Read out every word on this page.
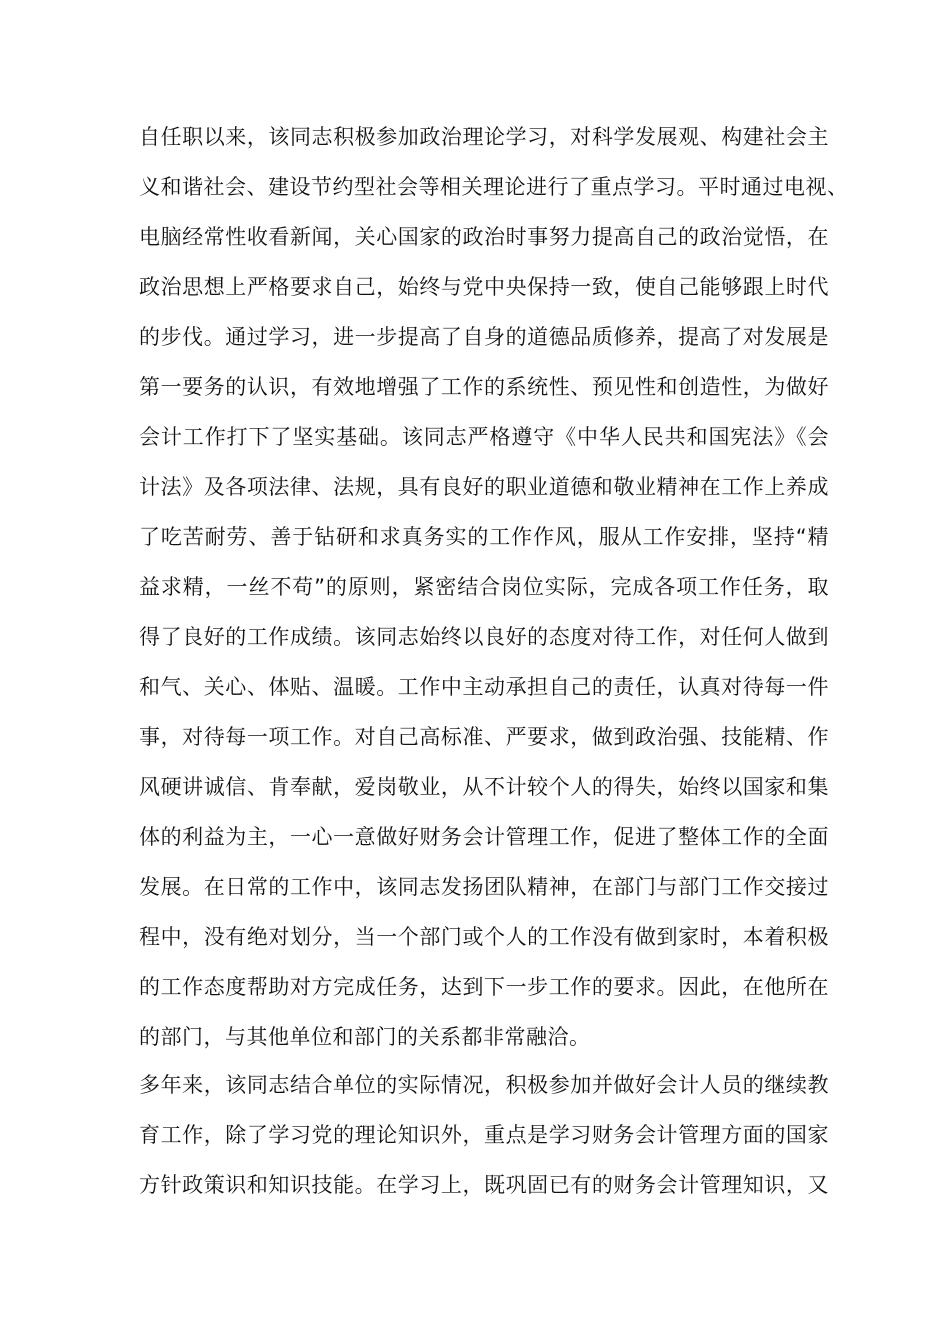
自任职以来，该同志积极参加政治理论学习，对科学发展观、构建社会主
义和谐社会、建设节约型社会等相关理论进行了重点学习。平时通过电视、
电脑经常性收看新闻，关心国家的政治时事努力提高自己的政治觉悟，在
政治思想上严格要求自己，始终与党中央保持一致，使自己能够跟上时代
的步伐。通过学习，进一步提高了自身的道德品质修养，提高了对发展是
第一要务的认识，有效地增强了工作的系统性、预见性和创造性，为做好
会计工作打下了坚实基础。该同志严格遵守《中华人民共和国宪法》《会
计法》及各项法律、法规，具有良好的职业道德和敬业精神在工作上养成
了吃苦耐劳、善于钻研和求真务实的工作作风，服从工作安排，坚持“精
益求精，一丝不苟”的原则，紧密结合岗位实际，完成各项工作任务，取
得了良好的工作成绩。该同志始终以良好的态度对待工作，对任何人做到
和气、关心、体贴、温暖。工作中主动承担自己的责任，认真对待每一件
事，对待每一项工作。对自己高标准、严要求，做到政治强、技能精、作
风硬讲诚信、肯奉献，爱岗敬业，从不计较个人的得失，始终以国家和集
体的利益为主，一心一意做好财务会计管理工作，促进了整体工作的全面
发展。在日常的工作中，该同志发扬团队精神，在部门与部门工作交接过
程中，没有绝对划分，当一个部门或个人的工作没有做到家时，本着积极
的工作态度帮助对方完成任务，达到下一步工作的要求。因此，在他所在
的部门，与其他单位和部门的关系都非常融洽。
多年来，该同志结合单位的实际情况，积极参加并做好会计人员的继续教
育工作，除了学习党的理论知识外，重点是学习财务会计管理方面的国家
方针政策识和知识技能。在学习上，既巩固已有的财务会计管理知识，又
